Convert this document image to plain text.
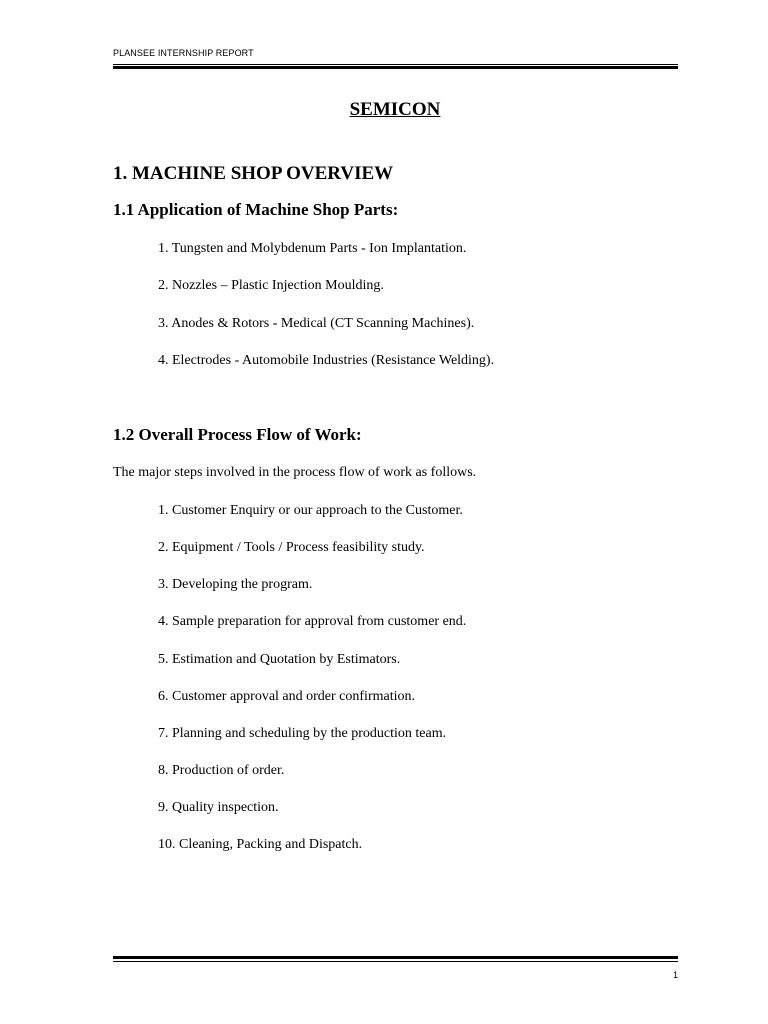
PLANSEE INTERNSHIP REPORT
SEMICON
1. MACHINE SHOP OVERVIEW
1.1 Application of Machine Shop Parts:
1. Tungsten and Molybdenum Parts - Ion Implantation.
2. Nozzles – Plastic Injection Moulding.
3. Anodes & Rotors - Medical (CT Scanning Machines).
4. Electrodes - Automobile Industries (Resistance Welding).
1.2 Overall Process Flow of Work:
The major steps involved in the process flow of work as follows.
1. Customer Enquiry or our approach to the Customer.
2. Equipment / Tools / Process feasibility study.
3. Developing the program.
4. Sample preparation for approval from customer end.
5. Estimation and Quotation by Estimators.
6. Customer approval and order confirmation.
7. Planning and scheduling by the production team.
8. Production of order.
9. Quality inspection.
10. Cleaning, Packing and Dispatch.
1
